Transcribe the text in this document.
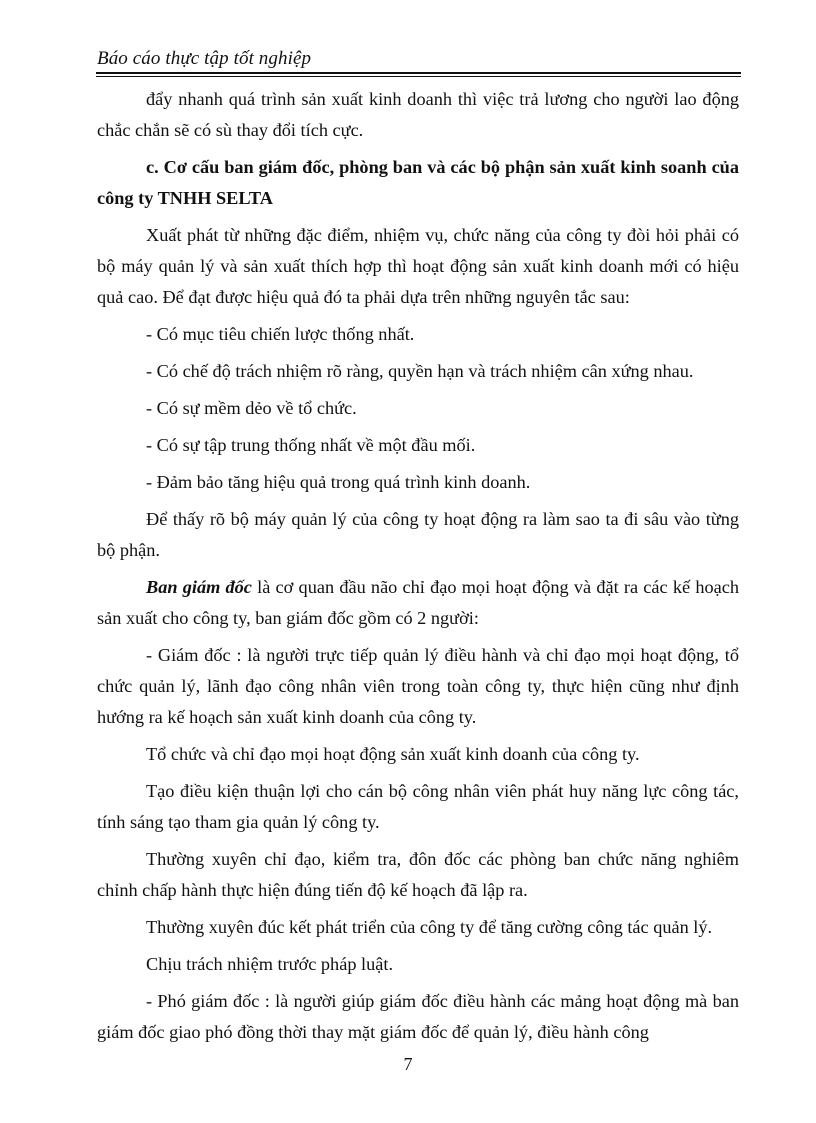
Báo cáo thực tập tốt nghiệp

đẩy nhanh quá trình sản xuất kinh doanh thì việc trả lương cho người lao động chắc chắn sẽ có sù thay đổi tích cực.

c. Cơ cấu ban giám đốc, phòng ban và các bộ phận sản xuất kinh soanh của công ty TNHH SELTA

Xuất phát từ những đặc điểm, nhiệm vụ, chức năng của công ty đòi hỏi phải có bộ máy quản lý và sản xuất thích hợp thì hoạt động sản xuất kinh doanh mới có hiệu quả cao. Để đạt được hiệu quả đó ta phải dựa trên những nguyên tắc sau:

- Có mục tiêu chiến lược thống nhất.

- Có chế độ trách nhiệm rõ ràng, quyền hạn và trách nhiệm cân xứng nhau.

- Có sự mềm dẻo về tổ chức.

- Có sự tập trung thống nhất về một đầu mối.

- Đảm bảo tăng hiệu quả trong quá trình kinh doanh.

Để thấy rõ bộ máy quản lý của công ty hoạt động ra làm sao ta đi sâu vào từng bộ phận.

Ban giám đốc là cơ quan đầu não chỉ đạo mọi hoạt động và đặt ra các kế hoạch sản xuất cho công ty, ban giám đốc gồm có 2 người:

- Giám đốc : là người trực tiếp quản lý điều hành và chỉ đạo mọi hoạt động, tổ chức quản lý, lãnh đạo công nhân viên trong toàn công ty, thực hiện cũng như định hướng ra kế hoạch sản xuất kinh doanh của công ty.

Tổ chức và chỉ đạo mọi hoạt động sản xuất kinh doanh của công ty.

Tạo điều kiện thuận lợi cho cán bộ công nhân viên phát huy năng lực công tác, tính sáng tạo tham gia quản lý công ty.

Thường xuyên chỉ đạo, kiểm tra, đôn đốc các phòng ban chức năng nghiêm chỉnh chấp hành thực hiện đúng tiến độ kế hoạch đã lập ra.

Thường xuyên đúc kết phát triển của công ty để tăng cường công tác quản lý.

Chịu trách nhiệm trước pháp luật.

- Phó giám đốc : là người giúp giám đốc điều hành các mảng hoạt động mà ban giám đốc giao phó đồng thời thay mặt giám đốc để quản lý, điều hành công

7
